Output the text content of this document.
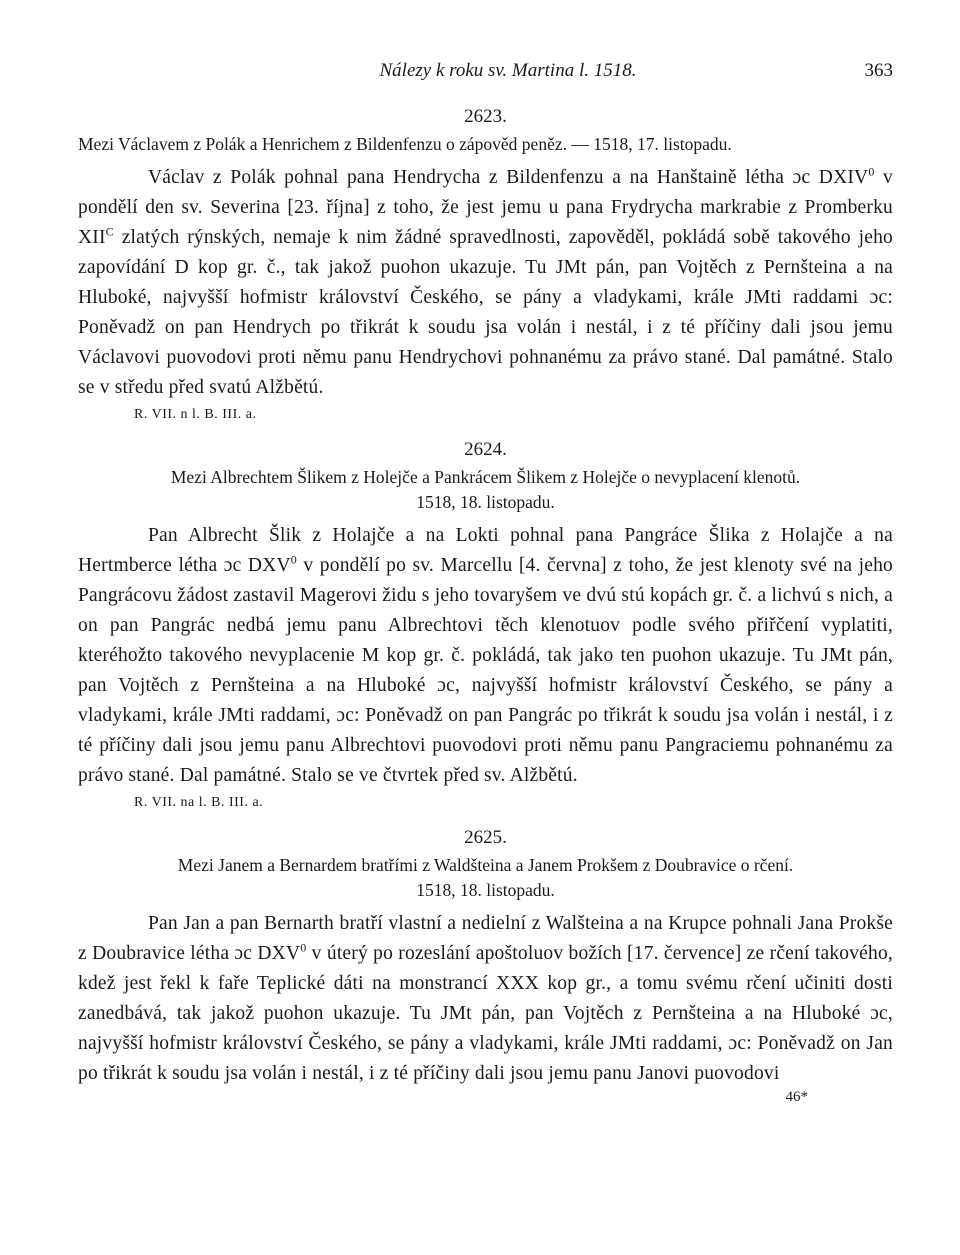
Nálezy k roku sv. Martina l. 1518.	363
2623.
Mezi Václavem z Polák a Henrichem z Bildenfenzu o zápověd peněz. — 1518, 17. listopadu.
Václav z Polák pohnal pana Hendrycha z Bildenfenzu a na Hanštaině létha ɔc DXIV$^0$ v pondělí den sv. Severina [23. října] z toho, že jest jemu u pana Frydrycha markrabie z Promberku $XII^C$ zlatých rýnských, nemaje k nim žádné spravedlnosti, zapověděl, pokládá sobě takového jeho zapovídání D kop gr. č., tak jakož puohon ukazuje. Tu JMt pán, pan Vojtěch z Pernšteina a na Hluboké, najvyšší hofmistr království Českého, se pány a vladykami, krále JMti raddami ɔc: Poněvadž on pan Hendrych po třikrát k soudu jsa volán i nestál, i z té příčiny dali jsou jemu Václavovi puovodovi proti němu panu Hendrychovi pohnanému za právo stané. Dal památné. Stalo se v středu před svatú Alžbětú.
R. VII. n l. B. III. a.
2624.
Mezi Albrechtem Šlikem z Holejče a Pankrácem Šlikem z Holejče o nevyplacení klenotů.
1518, 18. listopadu.
Pan Albrecht Šlik z Holajče a na Lokti pohnal pana Pangráce Šlika z Holajče a na Hertmberce létha ɔc DXV$^0$ v pondělí po sv. Marcellu [4. června] z toho, že jest klenoty své na jeho Pangrácovu žádost zastavil Magerovi židu s jeho tovaryšem ve dvú stú kopách gr. č. a lichvú s nich, a on pan Pangrác nedbá jemu panu Albrechtovi těch klenotuov podle svého přiřčení vyplatiti, kteréhožto takového nevyplacenie M kop gr. č. pokládá, tak jako ten puohon ukazuje. Tu JMt pán, pan Vojtěch z Pernšteina a na Hluboké ɔc, najvyšší hofmistr království Českého, se pány a vladykami, krále JMti raddami, ɔc: Poněvadž on pan Pangrác po třikrát k soudu jsa volán i nestál, i z té příčiny dali jsou jemu panu Albrechtovi puovodovi proti němu panu Pangraciemu pohnanému za právo stané. Dal památné. Stalo se ve čtvrtek před sv. Alžbětú.
R. VII. na l. B. III. a.
2625.
Mezi Janem a Bernardem bratřími z Waldšteina a Janem Prokšem z Doubravice o rčení.
1518, 18. listopadu.
Pan Jan a pan Bernarth bratří vlastní a nedielní z Walšteina a na Krupce pohnali Jana Prokše z Doubravice létha ɔc DXV$^0$ v úterý po rozeslání apoštoluov božích [17. července] ze rčení takového, kdež jest řekl k faře Teplické dáti na monstrancí XXX kop gr., a tomu svému rčení učiniti dosti zanedbává, tak jakož puohon ukazuje. Tu JMt pán, pan Vojtěch z Pernšteina a na Hluboké ɔc, najvyšší hofmistr království Českého, se pány a vladykami, krále JMti raddami, ɔc: Poněvadž on Jan po třikrát k soudu jsa volán i nestál, i z té příčiny dali jsou jemu panu Janovi puovodovi
46*
